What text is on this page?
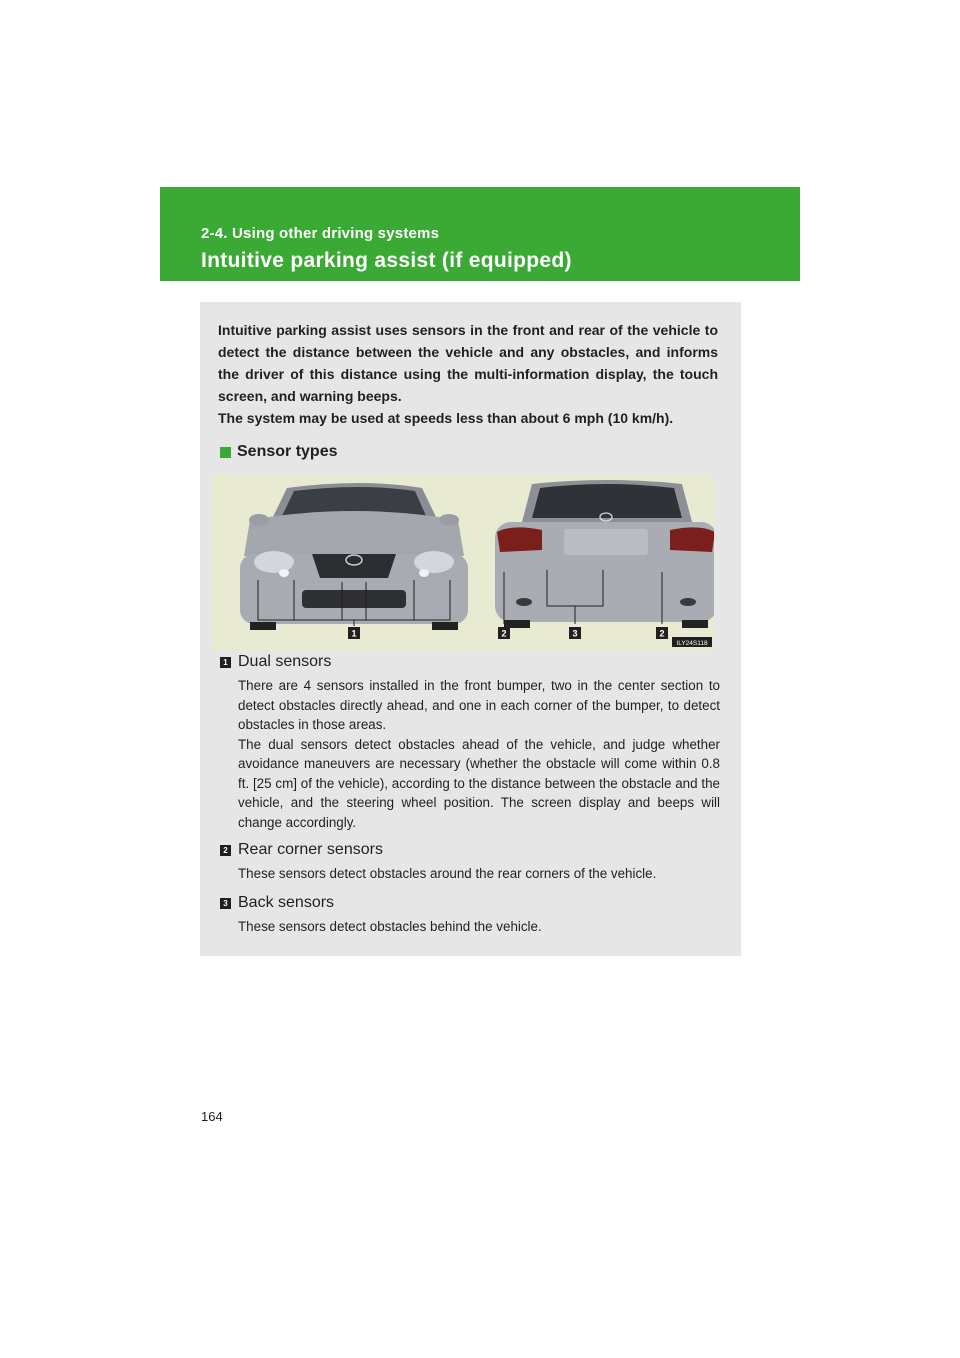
2-4. Using other driving systems
Intuitive parking assist (if equipped)

Intuitive parking assist uses sensors in the front and rear of the vehicle to detect the distance between the vehicle and any obstacles, and informs the driver of this distance using the multi-information display, the touch screen, and warning beeps.

The system may be used at speeds less than about 6 mph (10 km/h).

Sensor types
1	2	3	2
ILY24S118
1 Dual sensors

There are 4 sensors installed in the front bumper, two in the center section to detect obstacles directly ahead, and one in each corner of the bumper, to detect obstacles in those areas.

The dual sensors detect obstacles ahead of the vehicle, and judge whether avoidance maneuvers are necessary (whether the obstacle will come within 0.8 ft. [25 cm] of the vehicle), according to the distance between the obstacle and the vehicle, and the steering wheel position. The screen display and beeps will change accordingly.

2 Rear corner sensors

These sensors detect obstacles around the rear corners of the vehicle.

3 Back sensors

These sensors detect obstacles behind the vehicle.

164
